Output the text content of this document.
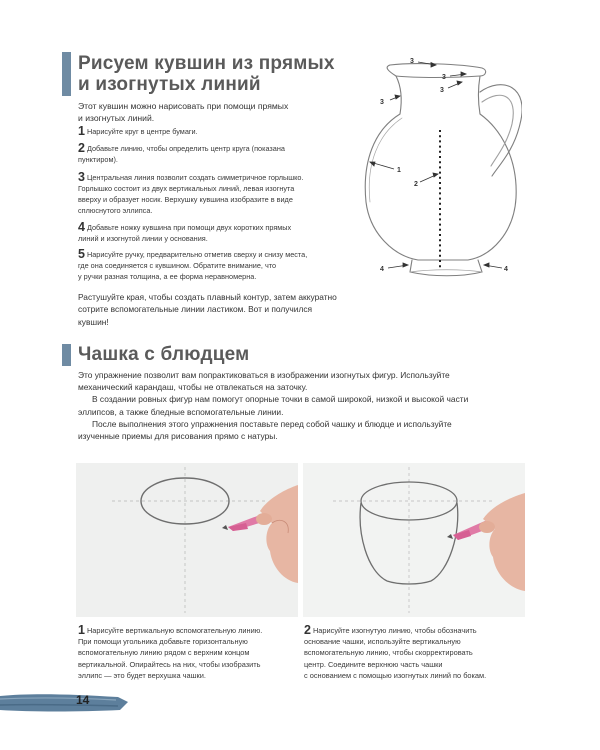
Рисуем кувшин из прямых
и изогнутых линий
Этот кувшин можно нарисовать при помощи прямых
и изогнутых линий.
1 Нарисуйте круг в центре бумаги.
2 Добавьте линию, чтобы определить центр круга (показана
пунктиром).
3 Центральная линия позволит создать симметричное горлышко.
Горлышко состоит из двух вертикальных линий, левая изогнута
вверху и образует носик. Верхушку кувшина изобразите в виде
сплюснутого эллипса.
4 Добавьте ножку кувшина при помощи двух коротких прямых
линий и изогнутой линии у основания.
5 Нарисуйте ручку, предварительно отметив сверху и снизу места,
где она соединяется с кувшином. Обратите внимание, что
у ручки разная толщина, а ее форма неравномерна.
Растушуйте края, чтобы создать плавный контур, затем аккуратно
сотрите вспомогательные линии ластиком. Вот и получился
кувшин!
3
3
3
3
1
2
4	4
Чашка с блюдцем
Это упражнение позволит вам попрактиковаться в изображении изогнутых фигур. Используйте
механический карандаш, чтобы не отвлекаться на заточку.
В создании ровных фигур нам помогут опорные точки в самой широкой, низкой и высокой части
эллипсов, а также бледные вспомогательные линии.
После выполнения этого упражнения поставьте перед собой чашку и блюдце и используйте
изученные приемы для рисования прямо с натуры.
1 Нарисуйте вертикальную вспомогательную линию.
При помощи угольника добавьте горизонтальную
вспомогательную линию рядом с верхним концом
вертикальной. Опирайтесь на них, чтобы изобразить
эллипс — это будет верхушка чашки.
2 Нарисуйте изогнутую линию, чтобы обозначить
основание чашки, используйте вертикальную
вспомогательную линию, чтобы скорректировать
центр. Соедините верхнюю часть чашки
с основанием с помощью изогнутых линий по бокам.
14
